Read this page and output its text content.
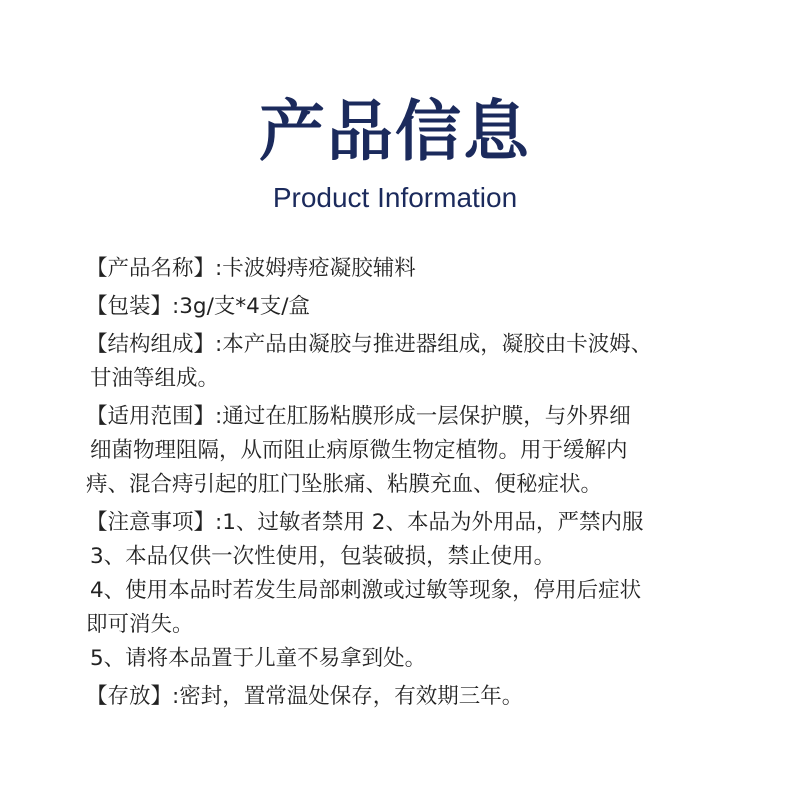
产品信息
Product Information
【产品名称】:卡波姆痔疮凝胶辅料
【包装】:3g/支*4支/盒
【结构组成】:本产品由凝胶与推进器组成，凝胶由卡波姆、
甘油等组成。
【适用范围】:通过在肛肠粘膜形成一层保护膜，与外界细
细菌物理阻隔，从而阻止病原微生物定植物。用于缓解内
痔、混合痔引起的肛门坠胀痛、粘膜充血、便秘症状。
【注意事项】:1、过敏者禁用 2、本品为外用品，严禁内服
3、本品仅供一次性使用，包装破损，禁止使用。
4、使用本品时若发生局部刺激或过敏等现象，停用后症状
即可消失。
5、请将本品置于儿童不易拿到处。
【存放】:密封，置常温处保存，有效期三年。
